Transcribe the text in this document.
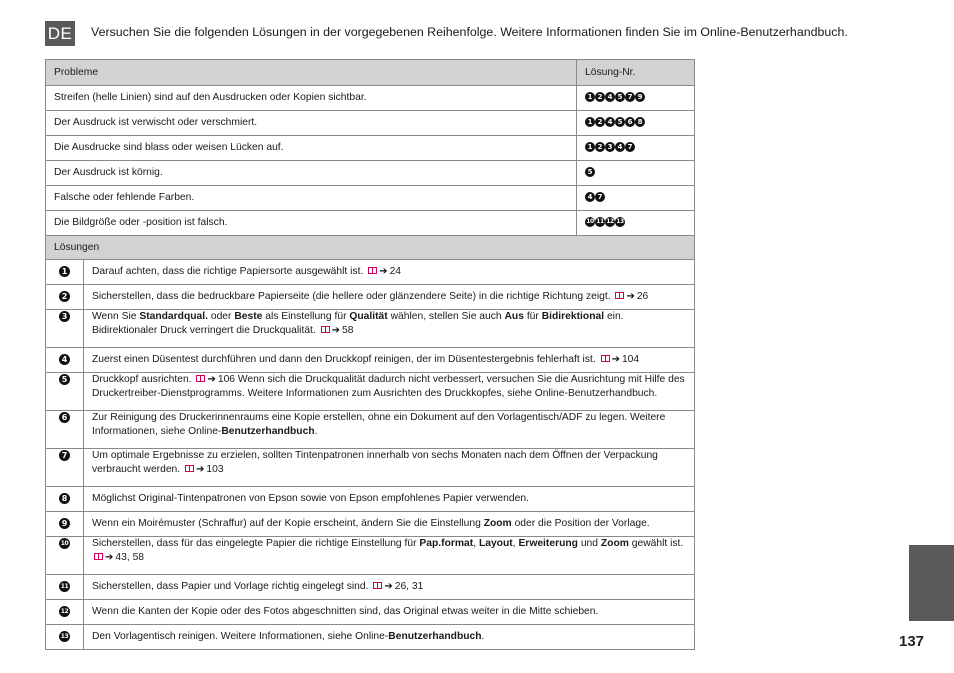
DE Versuchen Sie die folgenden Lösungen in der vorgegebenen Reihenfolge. Weitere Informationen finden Sie im Online-Benutzerhandbuch.
Probleme		Lösung-Nr.
Streifen (helle Linien) sind auf den Ausdrucken oder Kopien sichtbar.		1 2 4 5 7 9
Der Ausdruck ist verwischt oder verschmiert.		1 2 4 5 6 8
Die Ausdrucke sind blass oder weisen Lücken auf.		1 2 3 4 7
Der Ausdruck ist körnig.		5
Falsche oder fehlende Farben.		4 7
Die Bildgröße oder -position ist falsch.		10 11 12 13
Lösungen		
1	Darauf achten, dass die richtige Papiersorte ausgewählt ist. ➔ 24	
2	Sicherstellen, dass die bedruckbare Papierseite (die hellere oder glänzendere Seite) in die richtige Richtung zeigt. ➔ 26	
3	Wenn Sie Standardqual. oder Beste als Einstellung für Qualität wählen, stellen Sie auch Aus für Bidirektional ein. Bidirektionaler Druck verringert die Druckqualität. ➔ 58	
4	Zuerst einen Düsentest durchführen und dann den Druckkopf reinigen, der im Düsentestergebnis fehlerhaft ist. ➔ 104	
5	Druckkopf ausrichten. ➔ 106 Wenn sich die Druckqualität dadurch nicht verbessert, versuchen Sie die Ausrichtung mit Hilfe des Druckertreiber-Dienstprogramms. Weitere Informationen zum Ausrichten des Druckkopfes, siehe Online-Benutzerhandbuch.	
6	Zur Reinigung des Druckerinnenraums eine Kopie erstellen, ohne ein Dokument auf den Vorlagentisch/ADF zu legen. Weitere Informationen, siehe Online-Benutzerhandbuch.	
7	Um optimale Ergebnisse zu erzielen, sollten Tintenpatronen innerhalb von sechs Monaten nach dem Öffnen der Verpackung verbraucht werden. ➔ 103	
8	Möglichst Original-Tintenpatronen von Epson sowie von Epson empfohlenes Papier verwenden.	
9	Wenn ein Moirémuster (Schraffur) auf der Kopie erscheint, ändern Sie die Einstellung Zoom oder die Position der Vorlage.	
10	Sicherstellen, dass für das eingelegte Papier die richtige Einstellung für Pap.format, Layout, Erweiterung und Zoom gewählt ist. ➔ 43, 58	
11	Sicherstellen, dass Papier und Vorlage richtig eingelegt sind. ➔ 26, 31	
12	Wenn die Kanten der Kopie oder des Fotos abgeschnitten sind, das Original etwas weiter in die Mitte schieben.	
13	Den Vorlagentisch reinigen. Weitere Informationen, siehe Online-Benutzerhandbuch.		137
